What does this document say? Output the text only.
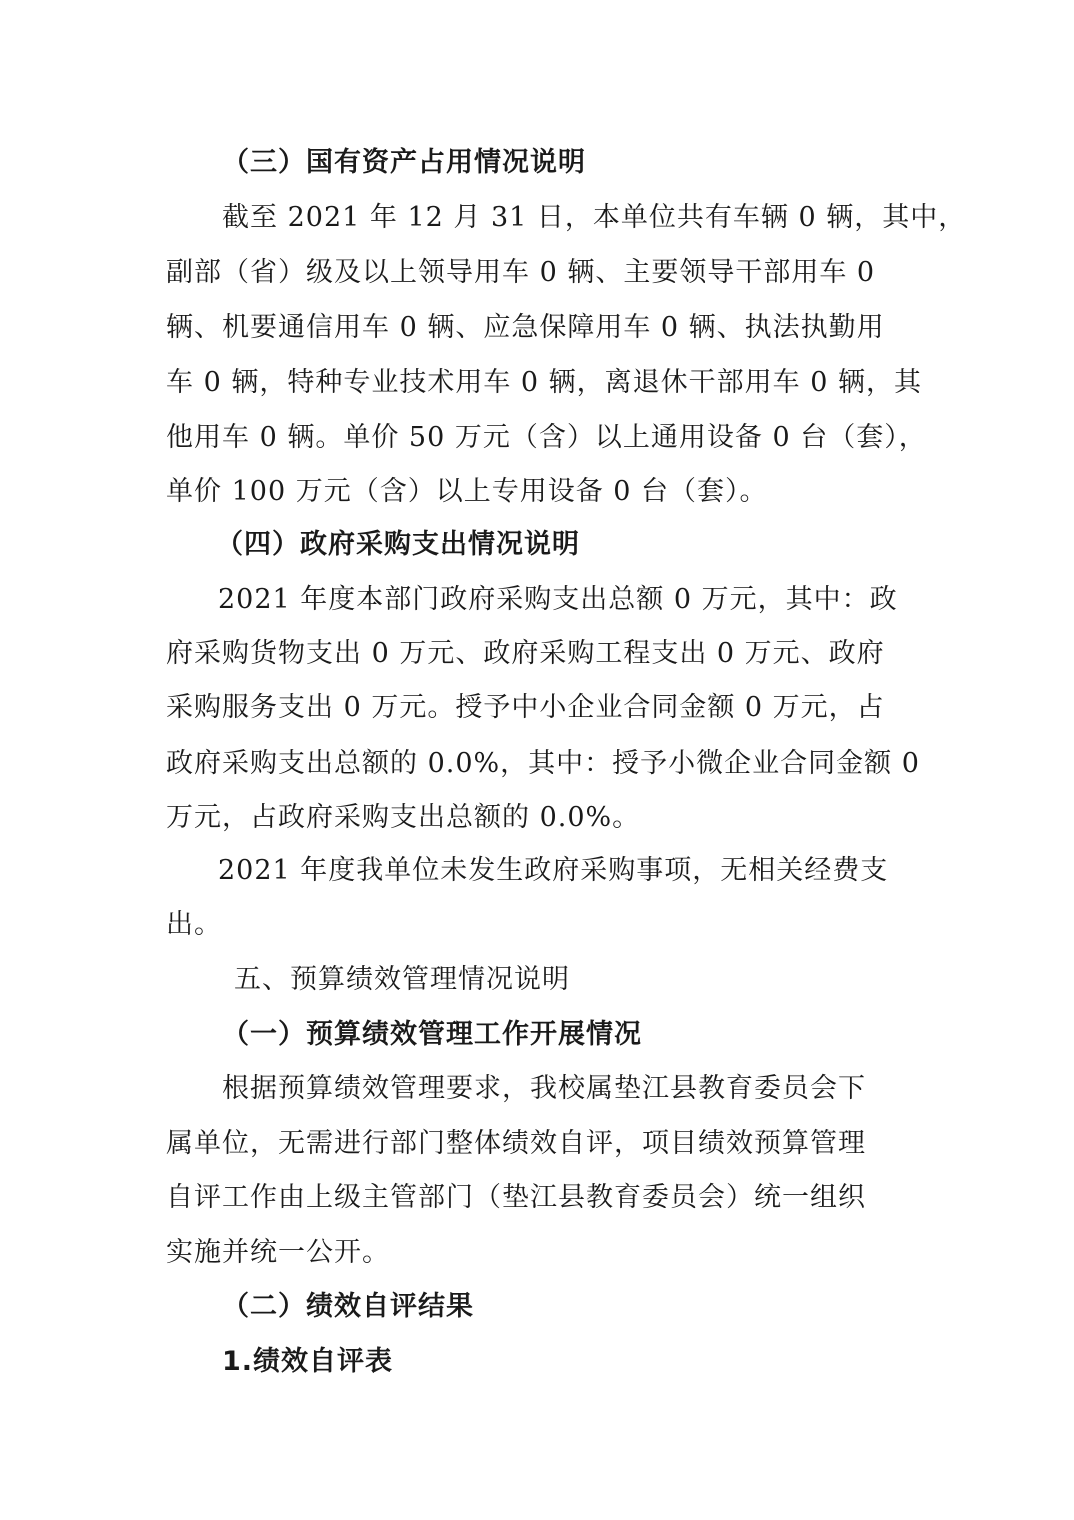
（三）国有资产占用情况说明
截至 2021 年 12 月 31 日，本单位共有车辆 0 辆，其中，
副部（省）级及以上领导用车 0 辆、主要领导干部用车 0
辆、机要通信用车 0 辆、应急保障用车 0 辆、执法执勤用
车 0 辆，特种专业技术用车 0 辆，离退休干部用车 0 辆，其
他用车 0 辆。单价 50 万元（含）以上通用设备 0 台（套），
单价 100 万元（含）以上专用设备 0 台（套）。
（四）政府采购支出情况说明
2021 年度本部门政府采购支出总额 0 万元，其中：政
府采购货物支出 0 万元、政府采购工程支出 0 万元、政府
采购服务支出 0 万元。授予中小企业合同金额 0 万元，占
政府采购支出总额的 0.0%，其中：授予小微企业合同金额 0
万元，占政府采购支出总额的 0.0%。
2021 年度我单位未发生政府采购事项，无相关经费支
出。
五、预算绩效管理情况说明
（一）预算绩效管理工作开展情况
根据预算绩效管理要求，我校属垫江县教育委员会下
属单位，无需进行部门整体绩效自评，项目绩效预算管理
自评工作由上级主管部门（垫江县教育委员会）统一组织
实施并统一公开。
（二）绩效自评结果
1.绩效自评表
